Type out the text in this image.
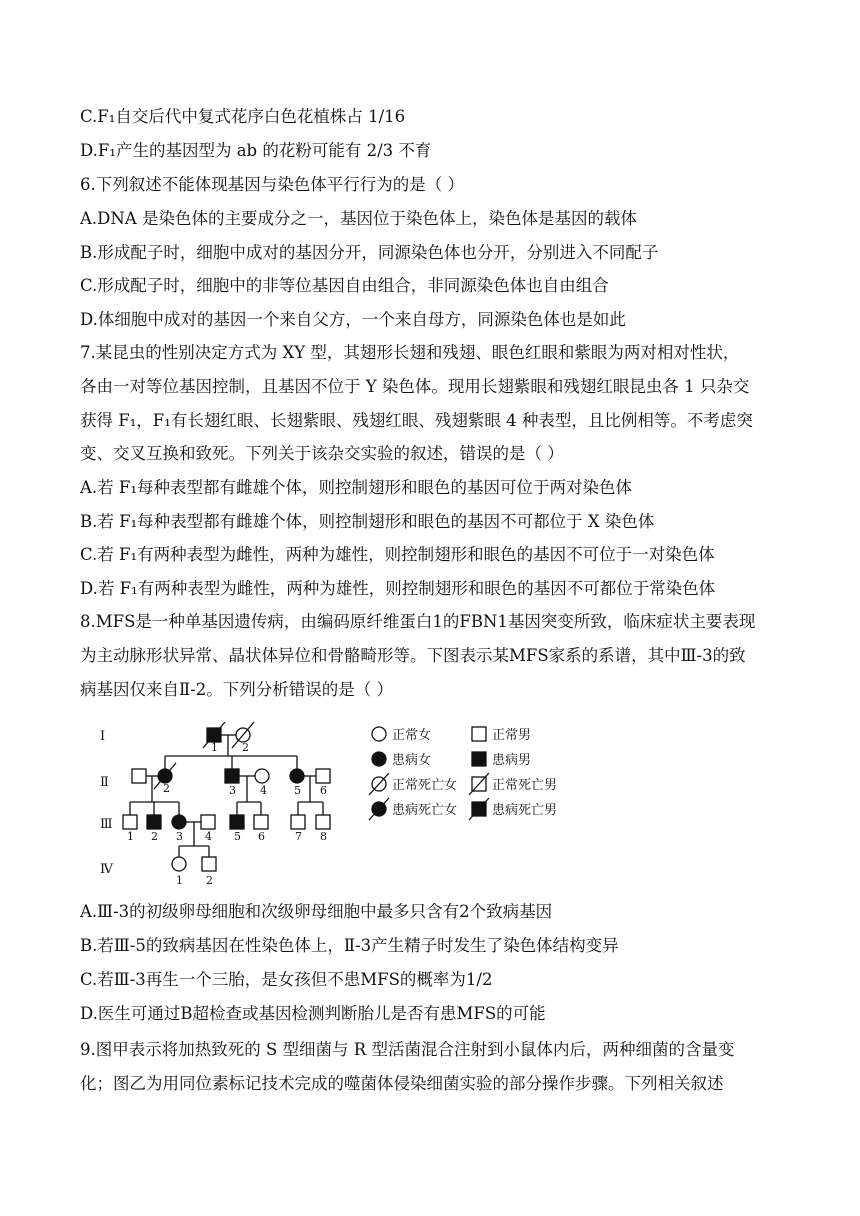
C.F₁自交后代中复式花序白色花植株占 1/16
D.F₁产生的基因型为 ab 的花粉可能有 2/3 不育
6.下列叙述不能体现基因与染色体平行行为的是（ ）
A.DNA 是染色体的主要成分之一，基因位于染色体上，染色体是基因的载体
B.形成配子时，细胞中成对的基因分开，同源染色体也分开，分别进入不同配子
C.形成配子时，细胞中的非等位基因自由组合，非同源染色体也自由组合
D.体细胞中成对的基因一个来自父方，一个来自母方，同源染色体也是如此
7.某昆虫的性别决定方式为 XY 型，其翅形长翅和残翅、眼色红眼和紫眼为两对相对性状，
各由一对等位基因控制，且基因不位于 Y 染色体。现用长翅紫眼和残翅红眼昆虫各 1 只杂交
获得 F₁，F₁有长翅红眼、长翅紫眼、残翅红眼、残翅紫眼 4 种表型，且比例相等。不考虑突
变、交叉互换和致死。下列关于该杂交实验的叙述，错误的是（ ）
A.若 F₁每种表型都有雌雄个体，则控制翅形和眼色的基因可位于两对染色体
B.若 F₁每种表型都有雌雄个体，则控制翅形和眼色的基因不可都位于 X 染色体
C.若 F₁有两种表型为雌性，两种为雄性，则控制翅形和眼色的基因不可位于一对染色体
D.若 F₁有两种表型为雌性，两种为雄性，则控制翅形和眼色的基因不可都位于常染色体
8.MFS是一种单基因遗传病，由编码原纤维蛋白1的FBN1基因突变所致，临床症状主要表现
为主动脉形状异常、晶状体异位和骨骼畸形等。下图表示某MFS家系的系谱，其中Ⅲ-3的致
病基因仅来自Ⅱ-2。下列分析错误的是（ ）
Ⅰ
Ⅱ
Ⅲ
Ⅳ
1 2
2	3 4 5 6
1 2 3 4 5 6	7 8
1 2
正常女	正常男
患病女	患病男
正常死亡女	正常死亡男
患病死亡女	患病死亡男
A.Ⅲ-3的初级卵母细胞和次级卵母细胞中最多只含有2个致病基因
B.若Ⅲ-5的致病基因在性染色体上，Ⅱ-3产生精子时发生了染色体结构变异
C.若Ⅲ-3再生一个三胎，是女孩但不患MFS的概率为1/2
D.医生可通过B超检查或基因检测判断胎儿是否有患MFS的可能
9.图甲表示将加热致死的 S 型细菌与 R 型活菌混合注射到小鼠体内后，两种细菌的含量变
化；图乙为用同位素标记技术完成的噬菌体侵染细菌实验的部分操作步骤。下列相关叙述
